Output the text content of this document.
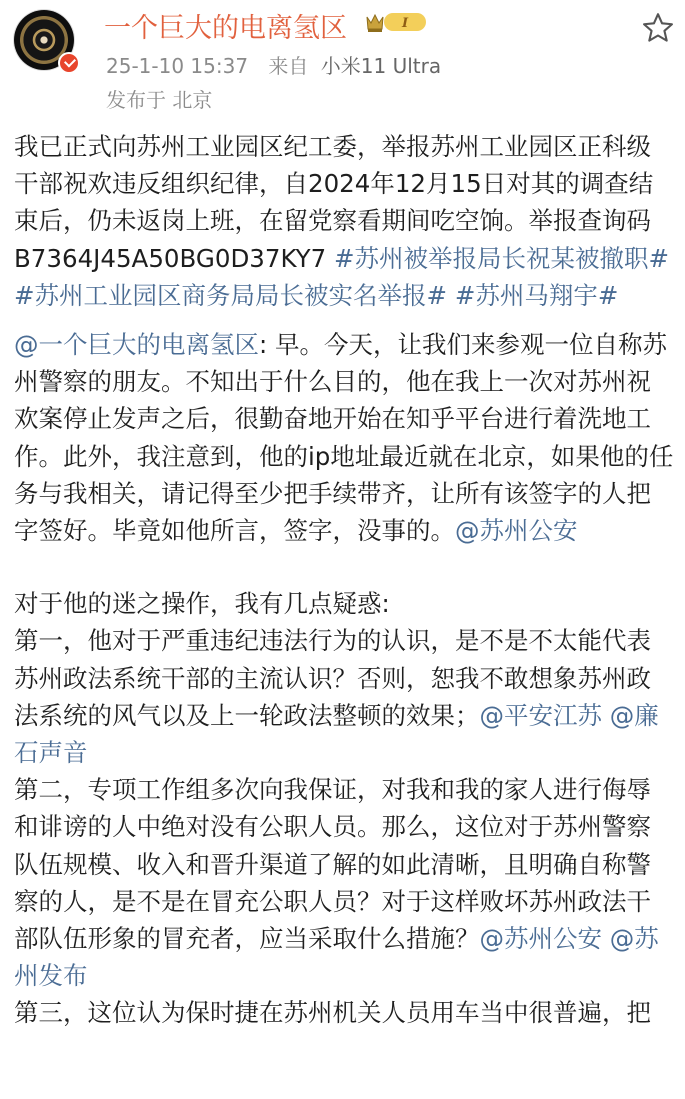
一个巨大的电离氢区	I
25-1-10 15:37 来自 小米11 Ultra
发布于 北京

我已正式向苏州工业园区纪工委，举报苏州工业园区正科级干部祝欢违反组织纪律，自2024年12月15日对其的调查结束后，仍未返岗上班，在留党察看期间吃空饷。举报查询码B7364J45A50BG0D37KY7 #苏州被举报局长祝某被撤职# #苏州工业园区商务局局长被实名举报# #苏州马翔宇#

@一个巨大的电离氢区: 早。今天，让我们来参观一位自称苏州警察的朋友。不知出于什么目的，他在我上一次对苏州祝欢案停止发声之后，很勤奋地开始在知乎平台进行着洗地工作。此外，我注意到，他的ip地址最近就在北京，如果他的任务与我相关，请记得至少把手续带齐，让所有该签字的人把字签好。毕竟如他所言，签字，没事的。@苏州公安

对于他的迷之操作，我有几点疑惑:

第一，他对于严重违纪违法行为的认识，是不是不太能代表苏州政法系统干部的主流认识？否则，恕我不敢想象苏州政法系统的风气以及上一轮政法整顿的效果；@平安江苏 @廉石声音

第二，专项工作组多次向我保证，对我和我的家人进行侮辱和诽谤的人中绝对没有公职人员。那么，这位对于苏州警察队伍规模、收入和晋升渠道了解的如此清晰，且明确自称警察的人，是不是在冒充公职人员？对于这样败坏苏州政法干部队伍形象的冒充者，应当采取什么措施？@苏州公安 @苏州发布

第三，这位认为保时捷在苏州机关人员用车当中很普遍，把
